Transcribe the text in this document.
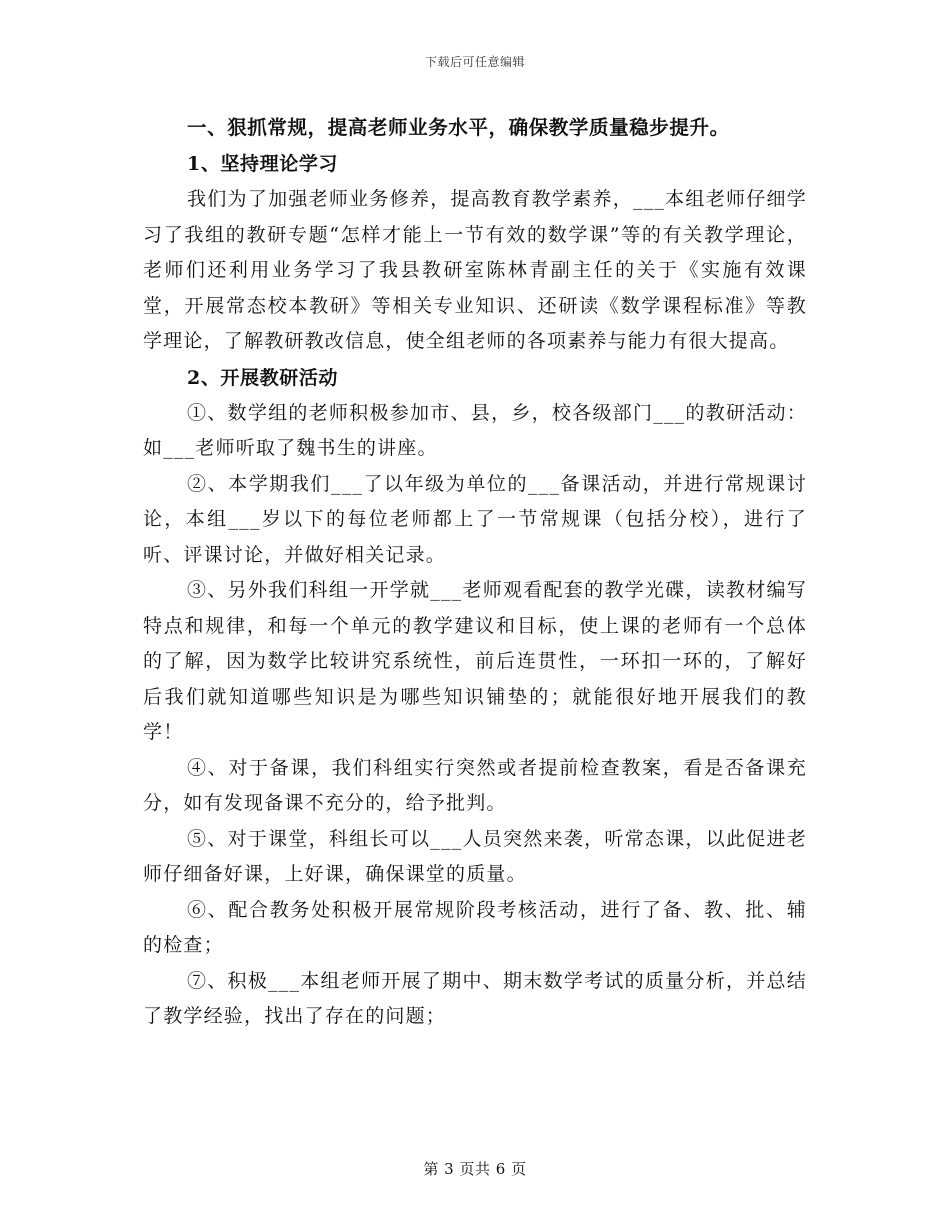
下载后可任意编辑

一、狠抓常规，提高老师业务水平，确保教学质量稳步提升。

1、坚持理论学习

我们为了加强老师业务修养，提高教育教学素养，___本组老师仔细学习了我组的教研专题“怎样才能上一节有效的数学课”等的有关教学理论，老师们还利用业务学习了我县教研室陈林青副主任的关于《实施有效课堂，开展常态校本教研》等相关专业知识、还研读《数学课程标准》等教学理论，了解教研教改信息，使全组老师的各项素养与能力有很大提高。

2、开展教研活动

①、数学组的老师积极参加市、县，乡，校各级部门___的教研活动：如___老师听取了魏书生的讲座。

②、本学期我们___了以年级为单位的___备课活动，并进行常规课讨论，本组___岁以下的每位老师都上了一节常规课（包括分校），进行了听、评课讨论，并做好相关记录。

③、另外我们科组一开学就___老师观看配套的教学光碟，读教材编写特点和规律，和每一个单元的教学建议和目标，使上课的老师有一个总体的了解，因为数学比较讲究系统性，前后连贯性，一环扣一环的，了解好后我们就知道哪些知识是为哪些知识铺垫的；就能很好地开展我们的教学！

④、对于备课，我们科组实行突然或者提前检查教案，看是否备课充分，如有发现备课不充分的，给予批判。

⑤、对于课堂，科组长可以___人员突然来袭，听常态课，以此促进老师仔细备好课，上好课，确保课堂的质量。

⑥、配合教务处积极开展常规阶段考核活动，进行了备、教、批、辅的检查；

⑦、积极___本组老师开展了期中、期末数学考试的质量分析，并总结了教学经验，找出了存在的问题；

第 3 页共 6 页
